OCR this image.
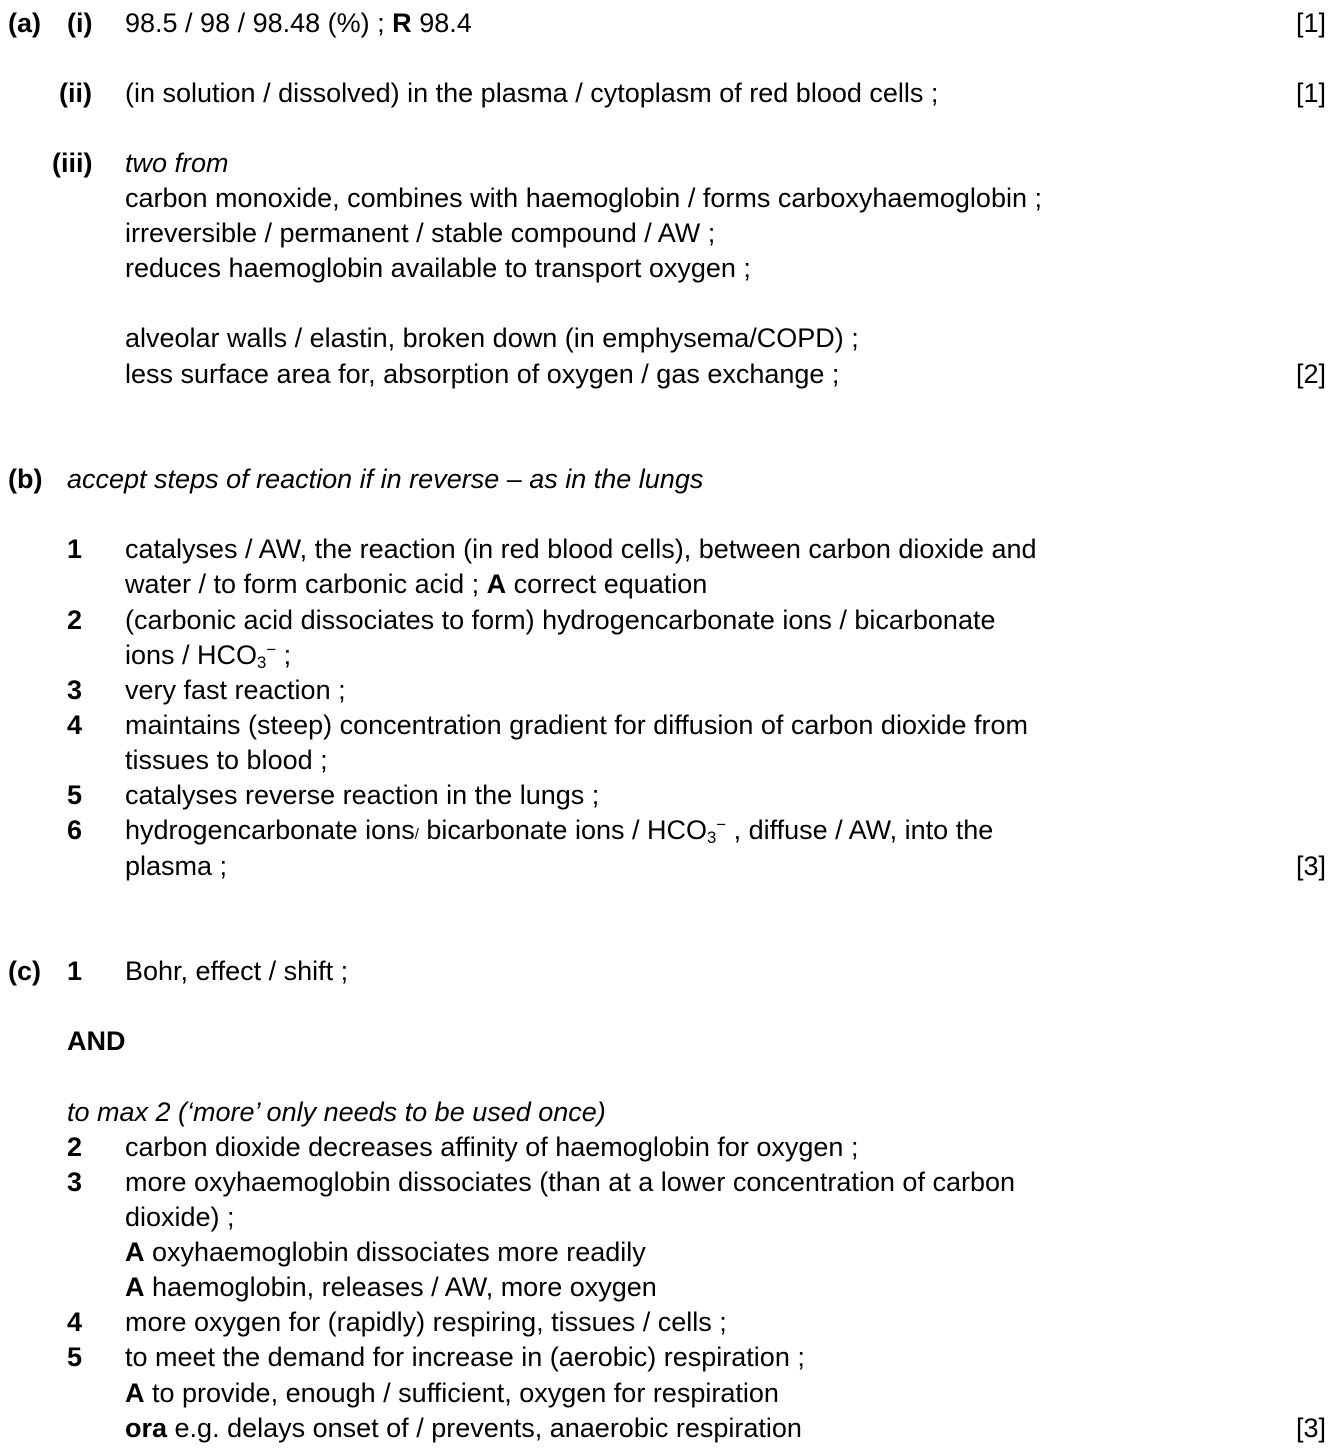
(a) (i) 98.5 / 98 / 98.48 (%) ; R 98.4	[1]
(ii) (in solution / dissolved) in the plasma / cytoplasm of red blood cells ;	[1]
(iii) two from
carbon monoxide, combines with haemoglobin / forms carboxyhaemoglobin ;
irreversible / permanent / stable compound / AW ;
reduces haemoglobin available to transport oxygen ;
alveolar walls / elastin, broken down (in emphysema/COPD) ;
less surface area for, absorption of oxygen / gas exchange ;	[2]
(b) accept steps of reaction if in reverse – as in the lungs
1 catalyses / AW, the reaction (in red blood cells), between carbon dioxide and
water / to form carbonic acid ; A correct equation
2 (carbonic acid dissociates to form) hydrogencarbonate ions / bicarbonate
ions / $HCO_3^-$ ;
3 very fast reaction ;
4 maintains (steep) concentration gradient for diffusion of carbon dioxide from
tissues to blood ;
5 catalyses reverse reaction in the lungs ;
6 hydrogencarbonate ions/ bicarbonate ions / $HCO_3^-$ , diffuse / AW, into the
plasma ;	[3]
(c) 1 Bohr, effect / shift ;
AND
to max 2 (‘more’ only needs to be used once)
2 carbon dioxide decreases affinity of haemoglobin for oxygen ;
3 more oxyhaemoglobin dissociates (than at a lower concentration of carbon
dioxide) ;
A oxyhaemoglobin dissociates more readily
A haemoglobin, releases / AW, more oxygen
4 more oxygen for (rapidly) respiring, tissues / cells ;
5 to meet the demand for increase in (aerobic) respiration ;
A to provide, enough / sufficient, oxygen for respiration
ora e.g. delays onset of / prevents, anaerobic respiration	[3]
